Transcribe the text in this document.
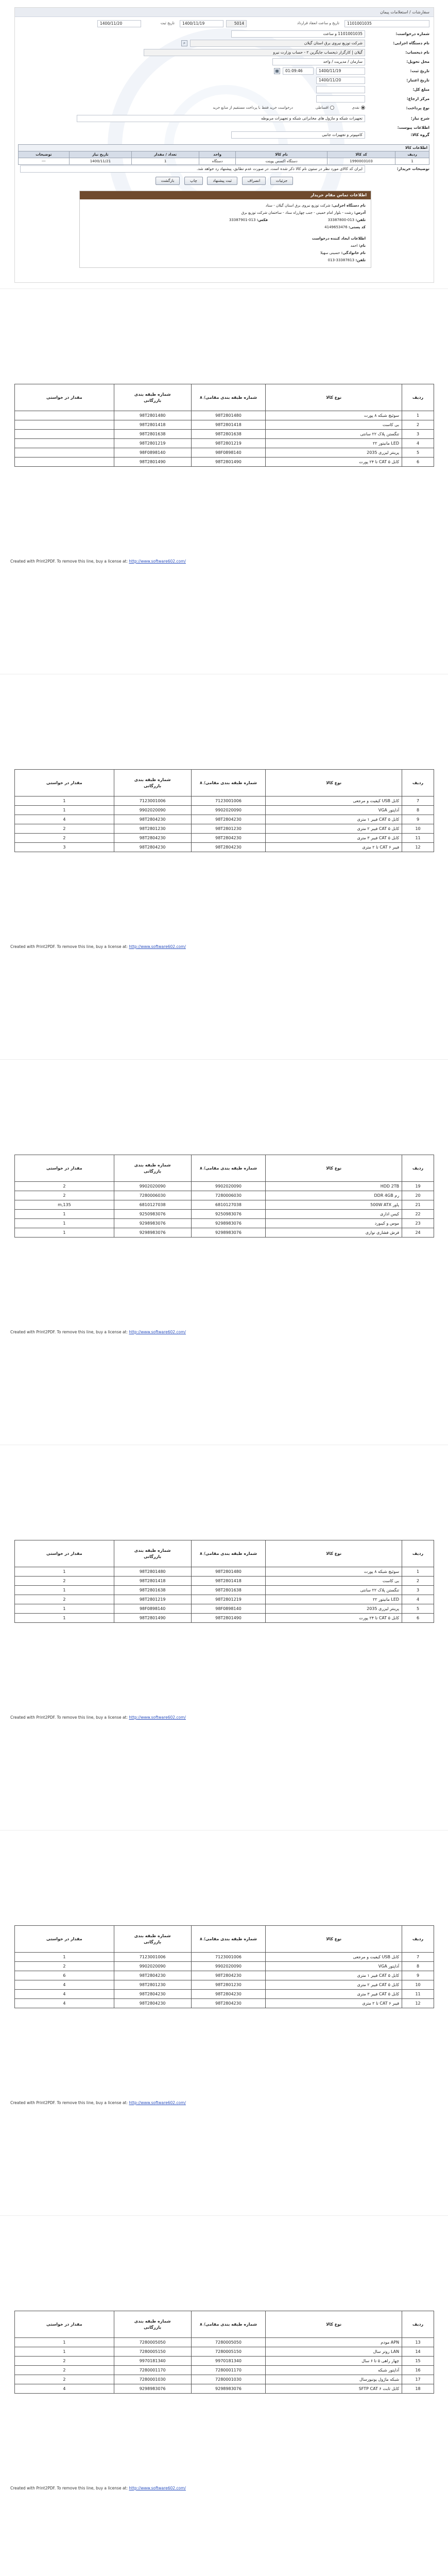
سفارشات / استعلامات پیمان
1101001035
تاریخ و ساعت انعقاد قرارداد
5014
1400/11/19
تاریخ ثبت
1400/11/20
شماره درخواست:
1101001035 و ساعت
نام دستگاه اجرایی:
شرکت توزیع نیروی برق استان گیلان
⌕
نام ذیحساب:
گیلان | کارگزار ذیحساب جایگزین ۲ - حساب وزارت نیرو
محل تحویل:
سازمان / مدیریت / واحد
تاریخ ثبت:
1400/11/19
01:09:46
▦
تاریخ اعتبار:
1400/11/20
مبلغ کل:
مرکز ارجاع:
نوع پرداخت:
نقدی
اقساطی
درخواست خرید فقط با پرداخت مستقیم از منابع خرید
شرح نیاز:
تجهیزات شبکه و ماژول های مخابراتی شبکه و تجهیزات مربوطه
اطلاعات پیوست:
گروه کالا:
کامپیوتر و تجهیزات جانبی
اطلاعات کالا						
ردیف	کد کالا	نام کالا	واحد	تعداد / مقدار	تاریخ نیاز	توضیحات
1	1990003103	دستگاه اکسس پوینت	دستگاه	1	1400/11/21	---
توضیحات خریدار:
ایران کد کالای مورد نظر در ستون نام کالا ذکر شده است. در صورت عدم تطابق، پیشنهاد رد خواهد شد.
جزئیات انصراف ثبت پیشنهاد چاپ بازگشت
اطلاعات تماس مقام خریدار
نام دستگاه اجرایی: شرکت توزیع نیروی برق استان گیلان - ستاد
آدرس: رشت - بلوار امام خمینی - جنب چهارراه ستاد - ساختمان شرکت توزیع برق
تلفن: 013-33387800
فکس: 013-33387901
کد پستی: 4149653476
اطلاعات ایجاد کننده درخواست
نام: احمد
نام خانوادگی: حسینی سهیلا
تلفن: 33387813-013
ردیف	نوع کالا	شماره طبقه بندی مقامی/ ۸	شماره طبقه بندی
بازرگانی	مقدار در خواستی
1	سوئیچ شبکه ۸ پورت	98T2801480	98T2801480	
2	بی کاست	98T2801418	98T2801418	
3	تنگستن پلاک ۲۲ سانتی	98T2801638	98T2801638	
4	LED مانیتور ۲۲	98T2801219	98T2801219	
5	پرینتر لیزری 2035	98F0898140	98F0898140	
6	کابل CAT ۵ تا ۲۴ پورت	98T2801490	98T2801490	
Created with Print2PDF. To remove this line, buy a license at: http://www.software602.com/
ردیف	نوع کالا	شماره طبقه بندی مقامی/ ۸	شماره طبقه بندی
بازرگانی	مقدار در خواستی
7	کابل USB کیفیت و مرجعی	7123001006	7123001006	1
8	آداپتور VGA	9902020090	9902020090	1
9	کابل CAT ۵ فیبر ۱ متری	98T2804230	98T2804230	4
10	کابل CAT ۵ فیبر ۲ متری	98T2801230	98T2801230	2
11	کابل CAT ۵ فیبر ۳ متری	98T2804230	98T2804230	2
12	فیبر CAT ۶ تا ۲ متری	98T2804230	98T2804230	3
Created with Print2PDF. To remove this line, buy a license at: http://www.software602.com/
ردیف	نوع کالا	شماره طبقه بندی مقامی/ ۸	شماره طبقه بندی
بازرگانی	مقدار در خواستی
19	HDD 2TB	9902020090	9902020090	2
20	رم DDR 4GB	7280006030	7280006030	2
21	پاور 500W ATX	6810127038	6810127038	135,m
22	کیس اداری	9250983076	9250983076	1
23	موس و کیبورد	9298983076	9298983076	1
24	فرش فشاری نواری	9298983076	9298983076	1
Created with Print2PDF. To remove this line, buy a license at: http://www.software602.com/
ردیف	نوع کالا	شماره طبقه بندی مقامی/ ۸	شماره طبقه بندی
بازرگانی	مقدار در خواستی
1	سوئیچ شبکه ۸ پورت	98T2801480	98T2801480	1
2	بی کاست	98T2801418	98T2801418	2
3	تنگستن پلاک ۲۲ سانتی	98T2801638	98T2801638	1
4	LED مانیتور ۲۲	98T2801219	98T2801219	2
5	پرینتر لیزری 2035	98F0898140	98F0898140	1
6	کابل CAT ۵ تا ۲۴ پورت	98T2801490	98T2801490	1
Created with Print2PDF. To remove this line, buy a license at: http://www.software602.com/
ردیف	نوع کالا	شماره طبقه بندی مقامی/ ۸	شماره طبقه بندی
بازرگانی	مقدار در خواستی
7	کابل USB کیفیت و مرجعی	7123001006	7123001006	1
8	آداپتور VGA	9902020090	9902020090	2
9	کابل CAT ۵ فیبر ۱ متری	98T2804230	98T2804230	6
10	کابل CAT ۵ فیبر ۲ متری	98T2801230	98T2801230	4
11	کابل CAT ۵ فیبر ۳ متری	98T2804230	98T2804230	4
12	فیبر CAT ۶ تا ۲ متری	98T2804230	98T2804230	4
Created with Print2PDF. To remove this line, buy a license at: http://www.software602.com/
ردیف	نوع کالا	شماره طبقه بندی مقامی/ ۸	شماره طبقه بندی
بازرگانی	مقدار در خواستی
13	APN مودم	7280005050	7280005050	1
14	LAN روتر سال	7280005150	7280005150	1
15	چهار راهی ۵ تا ۶ سال	9970181340	9970181340	2
16	آداپتور شبکه	7280001170	7280001170	2
17	شبکه ماژول یونیورسال	7280001030	7280001030	2
18	کابل ثابت SFTP CAT ۶	9298983076	9298983076	4
Created with Print2PDF. To remove this line, buy a license at: http://www.software602.com/
